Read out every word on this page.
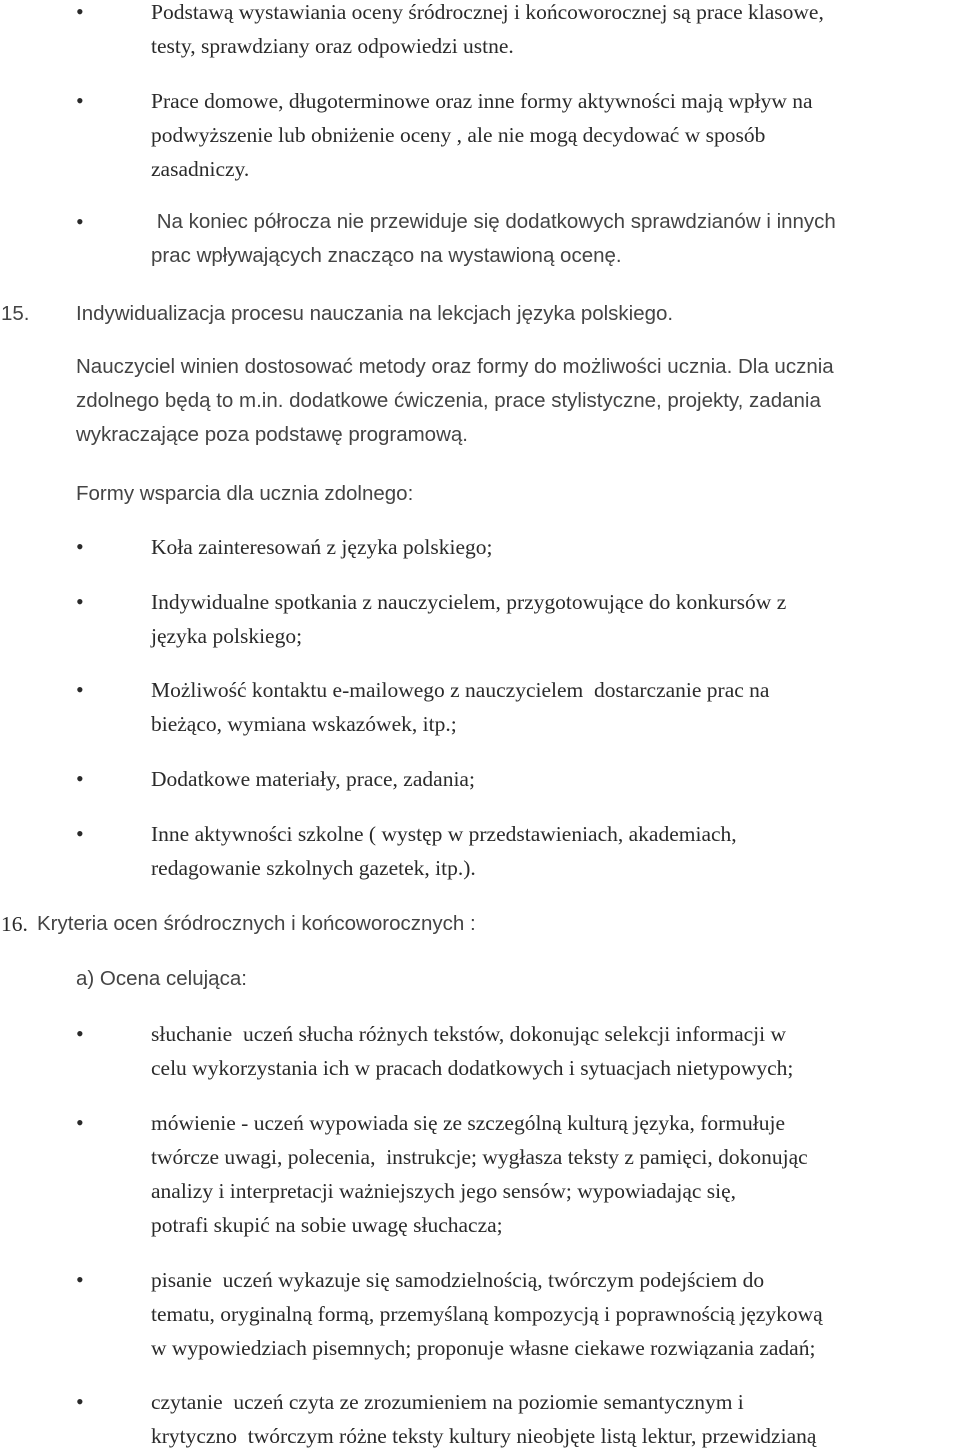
•	Podstawą wystawiania oceny śródrocznej i końcoworocznej są prace klasowe,
testy, sprawdziany oraz odpowiedzi ustne.
•	Prace domowe, długoterminowe oraz inne formy aktywności mają wpływ na
podwyższenie lub obniżenie oceny , ale nie mogą decydować w sposób
zasadniczy.
•	Na koniec półrocza nie przewiduje się dodatkowych sprawdzianów i innych
prac wpływających znacząco na wystawioną ocenę.
15. Indywidualizacja procesu nauczania na lekcjach języka polskiego.
Nauczyciel winien dostosować metody oraz formy do możliwości ucznia. Dla ucznia
zdolnego będą to m.in. dodatkowe ćwiczenia, prace stylistyczne, projekty, zadania
wykraczające poza podstawę programową.
Formy wsparcia dla ucznia zdolnego:
•	Koła zainteresowań z języka polskiego;
•	Indywidualne spotkania z nauczycielem, przygotowujące do konkursów z
języka polskiego;
•	Możliwość kontaktu e-mailowego z nauczycielem  dostarczanie prac na
bieżąco, wymiana wskazówek, itp.;
•	Dodatkowe materiały, prace, zadania;
•	Inne aktywności szkolne ( występ w przedstawieniach, akademiach,
redagowanie szkolnych gazetek, itp.).
16. Kryteria ocen śródrocznych i końcoworocznych :
a) Ocena celująca:
•	słuchanie  uczeń słucha różnych tekstów, dokonując selekcji informacji w
celu wykorzystania ich w pracach dodatkowych i sytuacjach nietypowych;
•	mówienie - uczeń wypowiada się ze szczególną kulturą języka, formułuje
twórcze uwagi, polecenia,  instrukcje; wygłasza teksty z pamięci, dokonując
analizy i interpretacji ważniejszych jego sensów; wypowiadając się,
potrafi skupić na sobie uwagę słuchacza;
•	pisanie  uczeń wykazuje się samodzielnością, twórczym podejściem do
tematu, oryginalną formą, przemyślaną kompozycją i poprawnością językową
w wypowiedziach pisemnych; proponuje własne ciekawe rozwiązania zadań;
•	czytanie  uczeń czyta ze zrozumieniem na poziomie semantycznym i
krytyczno  twórczym różne teksty kultury nieobjęte listą lektur, przewidzianą
